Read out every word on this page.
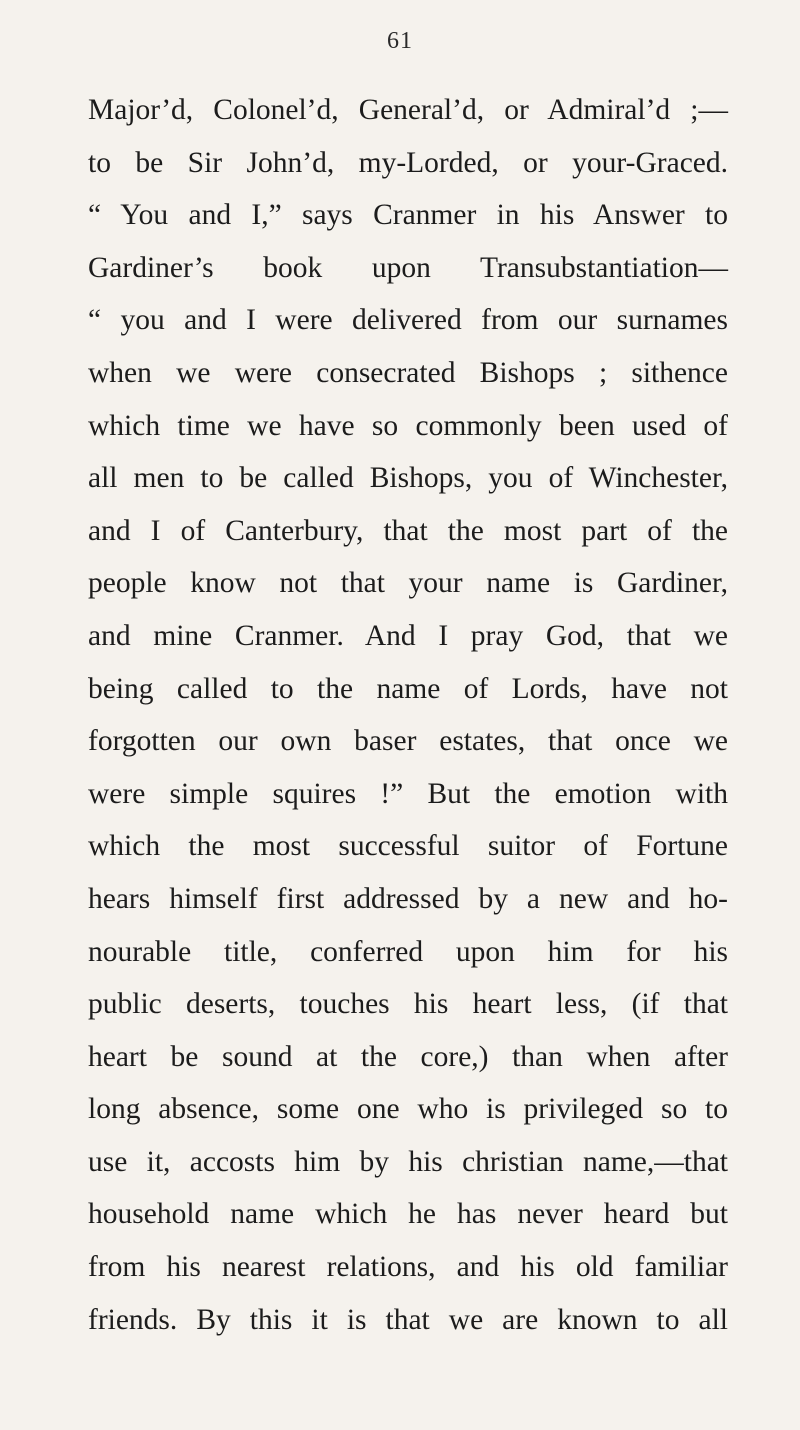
61
Major’d, Colonel’d, General’d, or Admiral’d ;—
to be Sir John’d, my-Lorded, or your-Graced.
“ You and I,” says Cranmer in his Answer to
Gardiner’s book upon Transubstantiation—
“ you and I were delivered from our surnames
when we were consecrated Bishops ; sithence
which time we have so commonly been used of
all men to be called Bishops, you of Winchester,
and I of Canterbury, that the most part of the
people know not that your name is Gardiner,
and mine Cranmer. And I pray God, that we
being called to the name of Lords, have not
forgotten our own baser estates, that once we
were simple squires !” But the emotion with
which the most successful suitor of Fortune
hears himself first addressed by a new and ho-
nourable title, conferred upon him for his
public deserts, touches his heart less, (if that
heart be sound at the core,) than when after
long absence, some one who is privileged so to
use it, accosts him by his christian name,—that
household name which he has never heard but
from his nearest relations, and his old familiar
friends. By this it is that we are known to all
